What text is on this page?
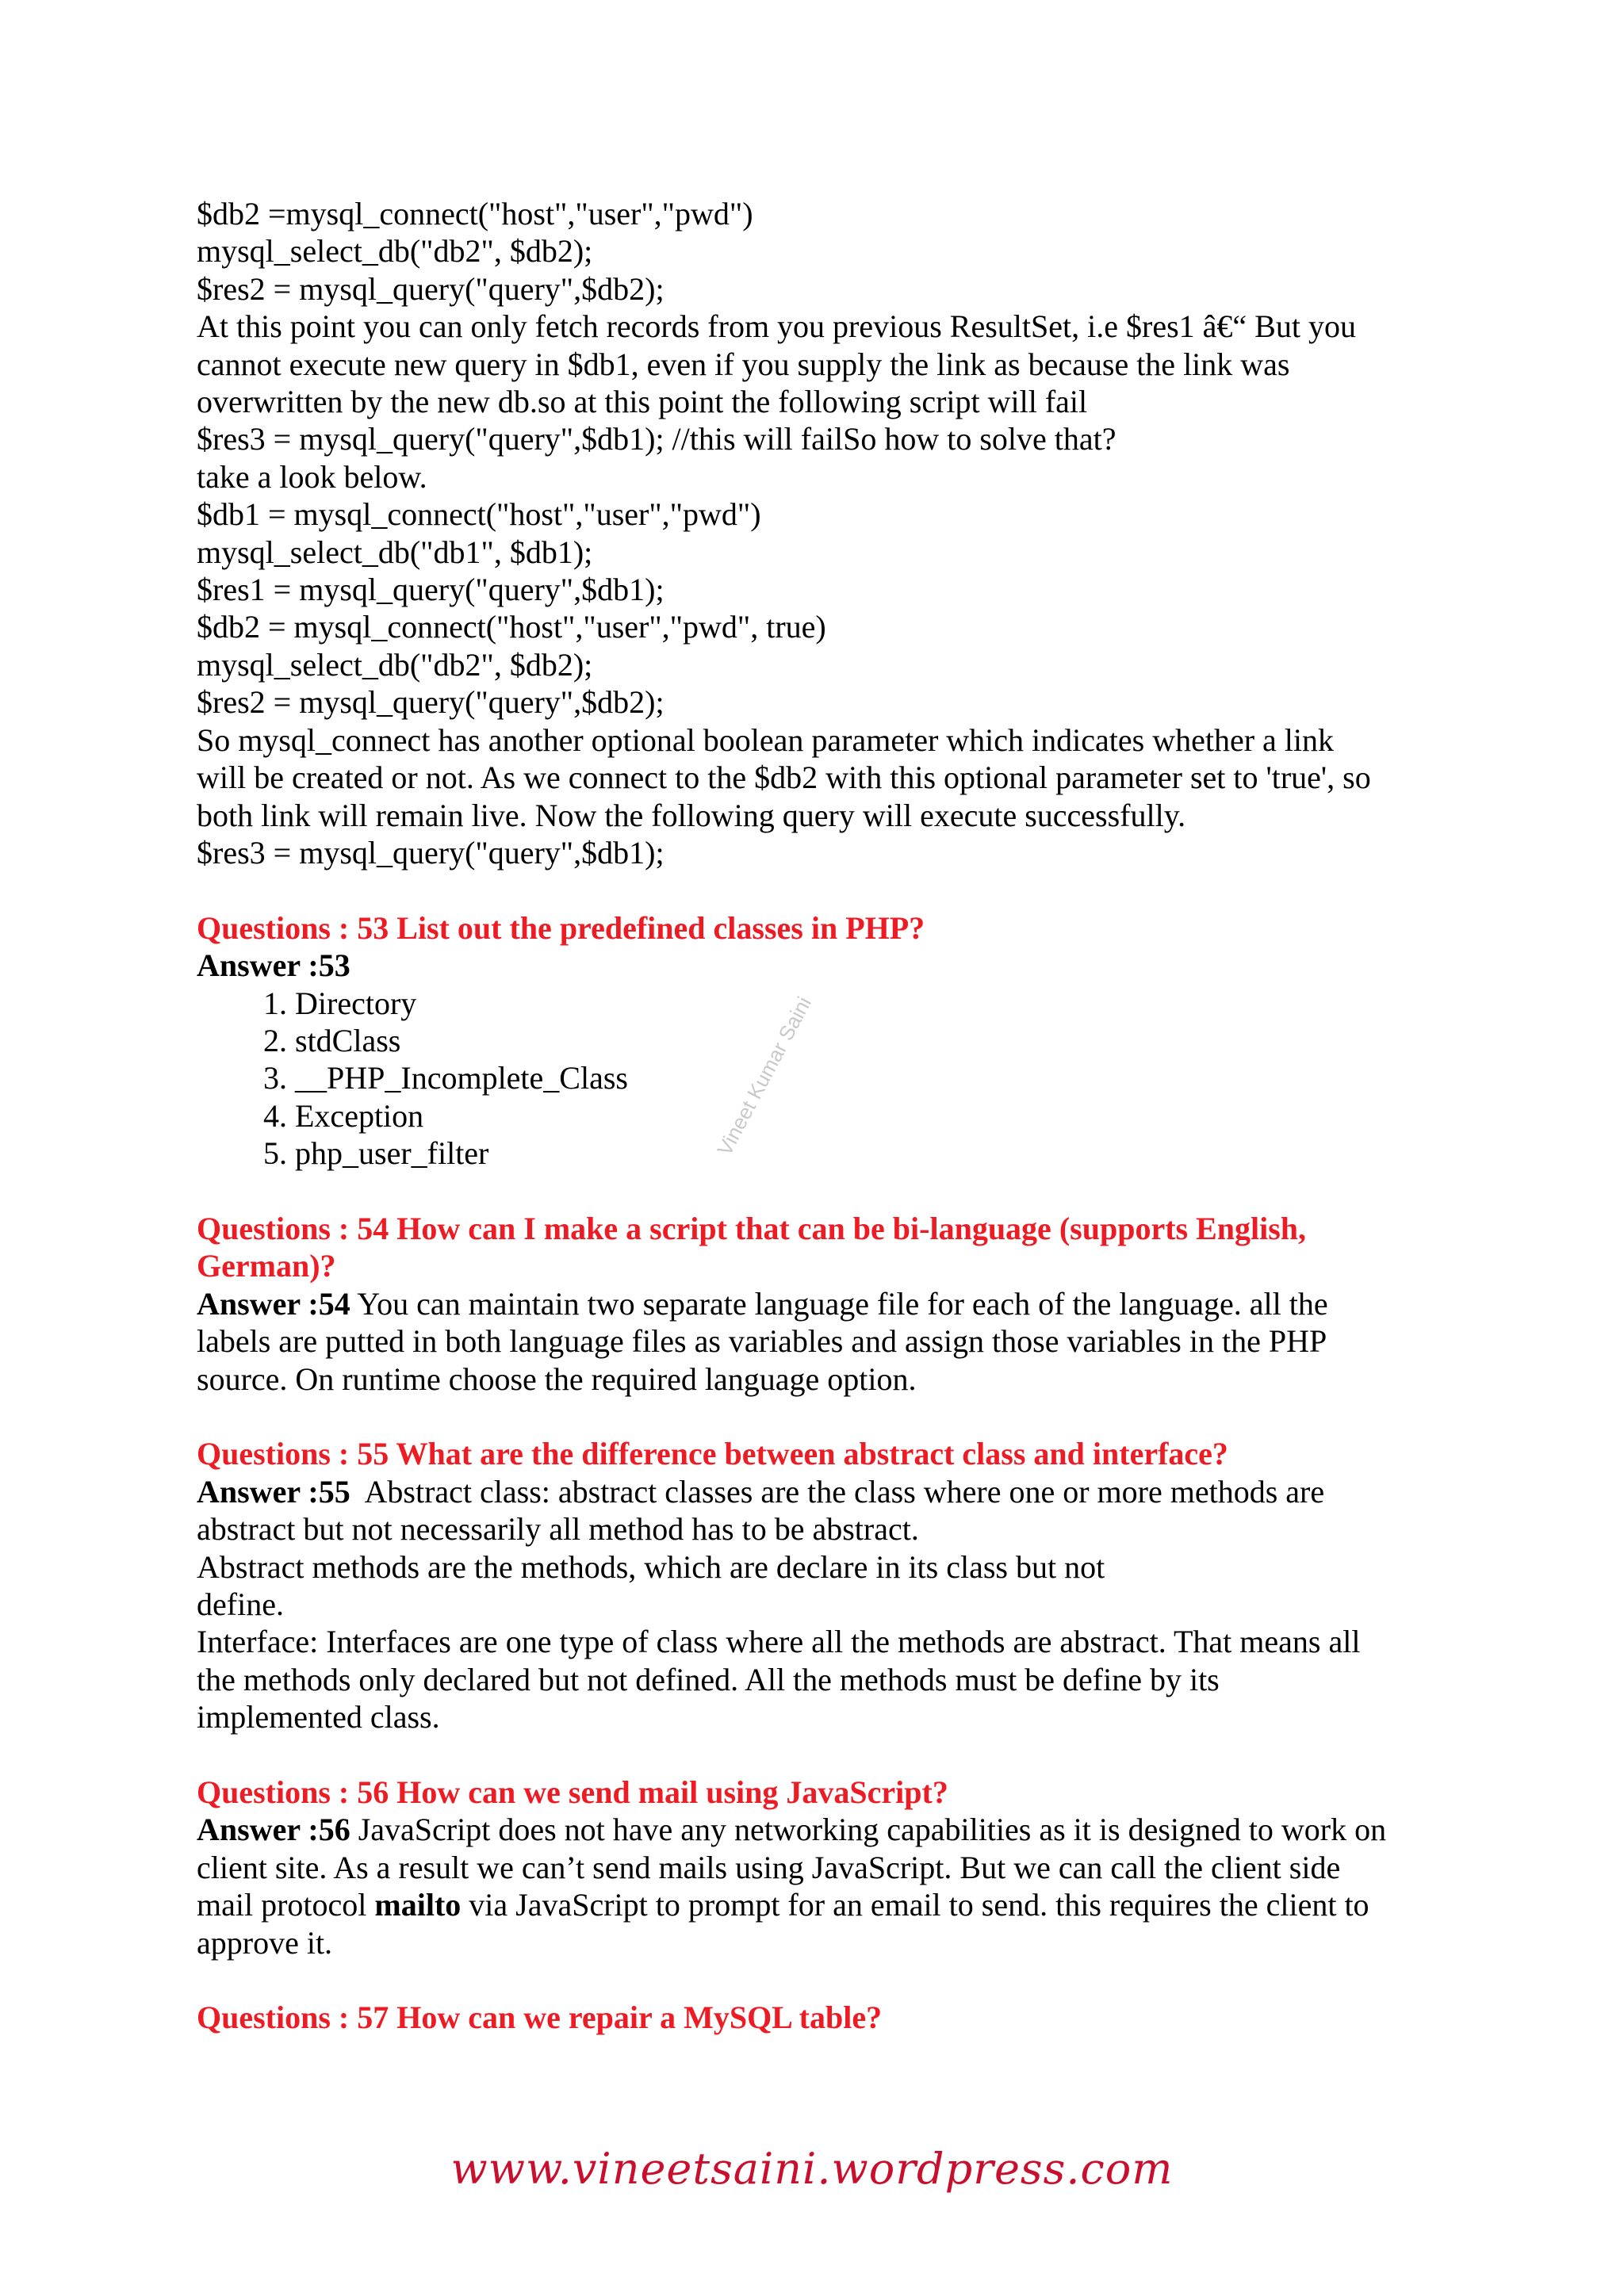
$db2 =mysql_connect("host","user","pwd")
mysql_select_db("db2", $db2);
$res2 = mysql_query("query",$db2);
At this point you can only fetch records from you previous ResultSet, i.e $res1 â€“ But you
cannot execute new query in $db1, even if you supply the link as because the link was
overwritten by the new db.so at this point the following script will fail
$res3 = mysql_query("query",$db1); //this will failSo how to solve that?
take a look below.
$db1 = mysql_connect("host","user","pwd")
mysql_select_db("db1", $db1);
$res1 = mysql_query("query",$db1);
$db2 = mysql_connect("host","user","pwd", true)
mysql_select_db("db2", $db2);
$res2 = mysql_query("query",$db2);
So mysql_connect has another optional boolean parameter which indicates whether a link
will be created or not. As we connect to the $db2 with this optional parameter set to 'true', so
both link will remain live. Now the following query will execute successfully.
$res3 = mysql_query("query",$db1);
Questions : 53 List out the predefined classes in PHP?
Answer :53
1. Directory
2. stdClass
3. __PHP_Incomplete_Class
4. Exception
5. php_user_filter
Questions : 54 How can I make a script that can be bi-language (supports English,
German)?
Answer :54 You can maintain two separate language file for each of the language. all the
labels are putted in both language files as variables and assign those variables in the PHP
source. On runtime choose the required language option.
Questions : 55 What are the difference between abstract class and interface?
Answer :55  Abstract class: abstract classes are the class where one or more methods are
abstract but not necessarily all method has to be abstract.
Abstract methods are the methods, which are declare in its class but not
define.
Interface: Interfaces are one type of class where all the methods are abstract. That means all
the methods only declared but not defined. All the methods must be define by its
implemented class.
Questions : 56 How can we send mail using JavaScript?
Answer :56 JavaScript does not have any networking capabilities as it is designed to work on
client site. As a result we can’t send mails using JavaScript. But we can call the client side
mail protocol mailto via JavaScript to prompt for an email to send. this requires the client to
approve it.
Questions : 57 How can we repair a MySQL table?
Vineet Kumar Saini
www.vineetsaini.wordpress.com
